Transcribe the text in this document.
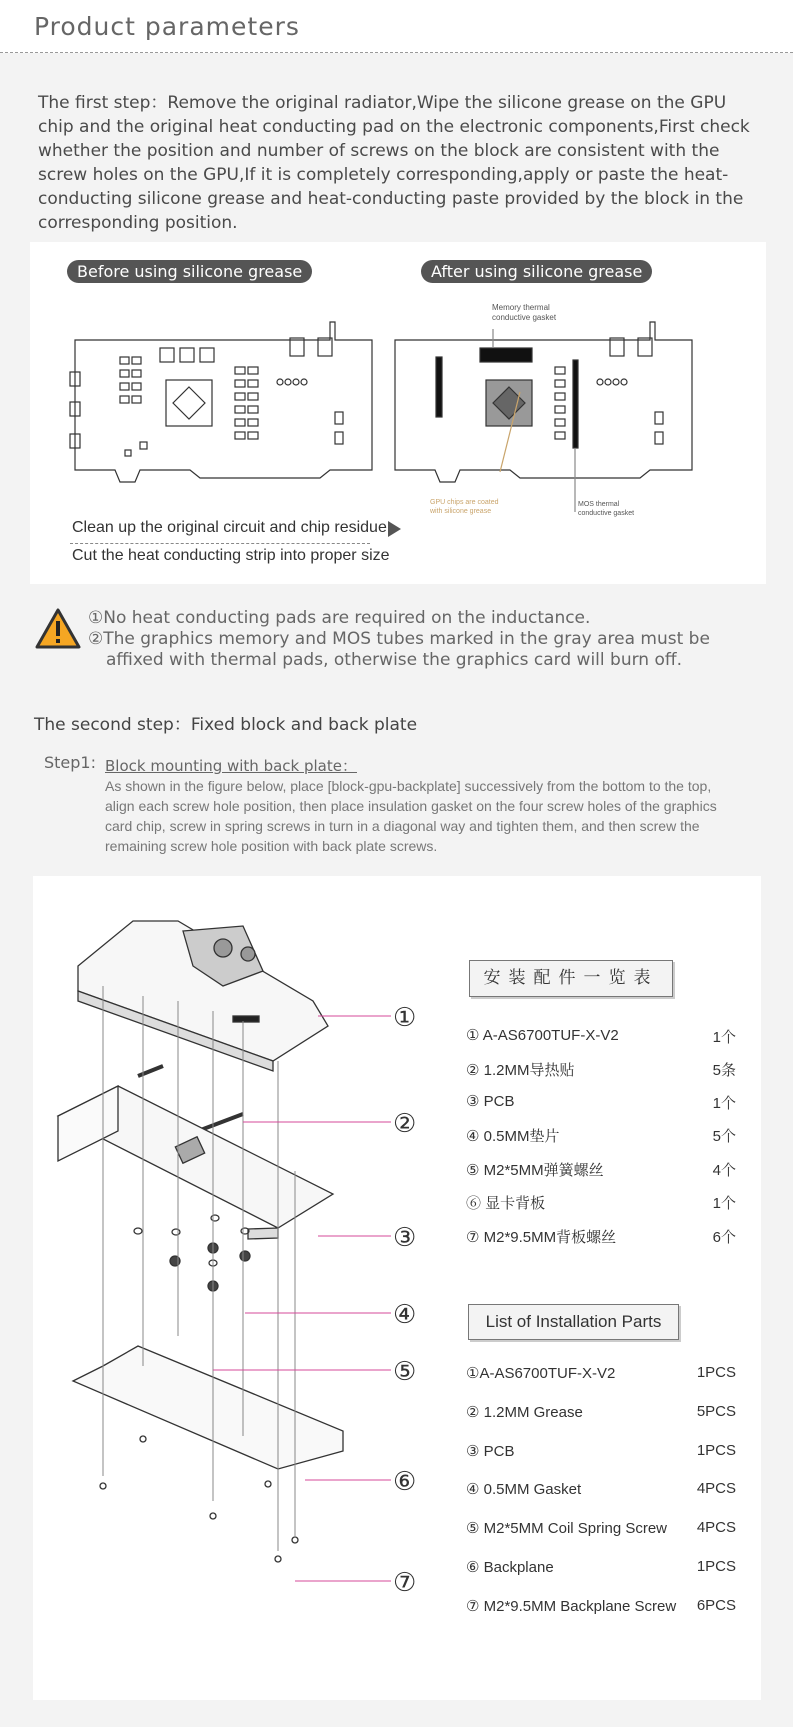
Product parameters

The first step：Remove the original radiator,Wipe the silicone grease on the GPU chip and the original heat conducting pad on the electronic components,First check whether the position and number of screws on the block are consistent with the screw holes on the GPU,If it is completely corresponding,apply or paste the heat-conducting silicone grease and heat-conducting paste provided by the block in the corresponding position.

Before using silicone grease	After using silicone grease
Memory thermal
conductive gasket
GPU chips are coated
with silicone grease
MOS thermal
conductive gasket
Clean up the original circuit and chip residue
Cut the heat conducting strip into proper size

①No heat conducting pads are required on the inductance.
②The graphics memory and MOS tubes marked in the gray area must be
affixed with thermal pads, otherwise the graphics card will burn off.

The second step：Fixed block and back plate
Step1: Block mounting with back plate：
As shown in the figure below, place [block-gpu-backplate] successively from the bottom to the top, align each screw hole position, then place insulation gasket on the four screw holes of the graphics card chip, screw in spring screws in turn in a diagonal way and tighten them, and then screw the remaining screw hole position with back plate screws.
①
②
③
④
⑤
⑥
⑦
安装配件一览表
① A-AS6700TUF-X-V2	1个
② 1.2MM导热贴	5条
③ PCB	1个
④ 0.5MM垫片	5个
⑤ M2*5MM弹簧螺丝	4个
⑥ 显卡背板	1个
⑦ M2*9.5MM背板螺丝	6个
List of Installation Parts
①A-AS6700TUF-X-V2	1PCS
② 1.2MM Grease	5PCS
③ PCB	1PCS
④ 0.5MM Gasket	4PCS
⑤ M2*5MM Coil Spring Screw 4PCS
⑥ Backplane	1PCS
⑦ M2*9.5MM Backplane Screw 6PCS
